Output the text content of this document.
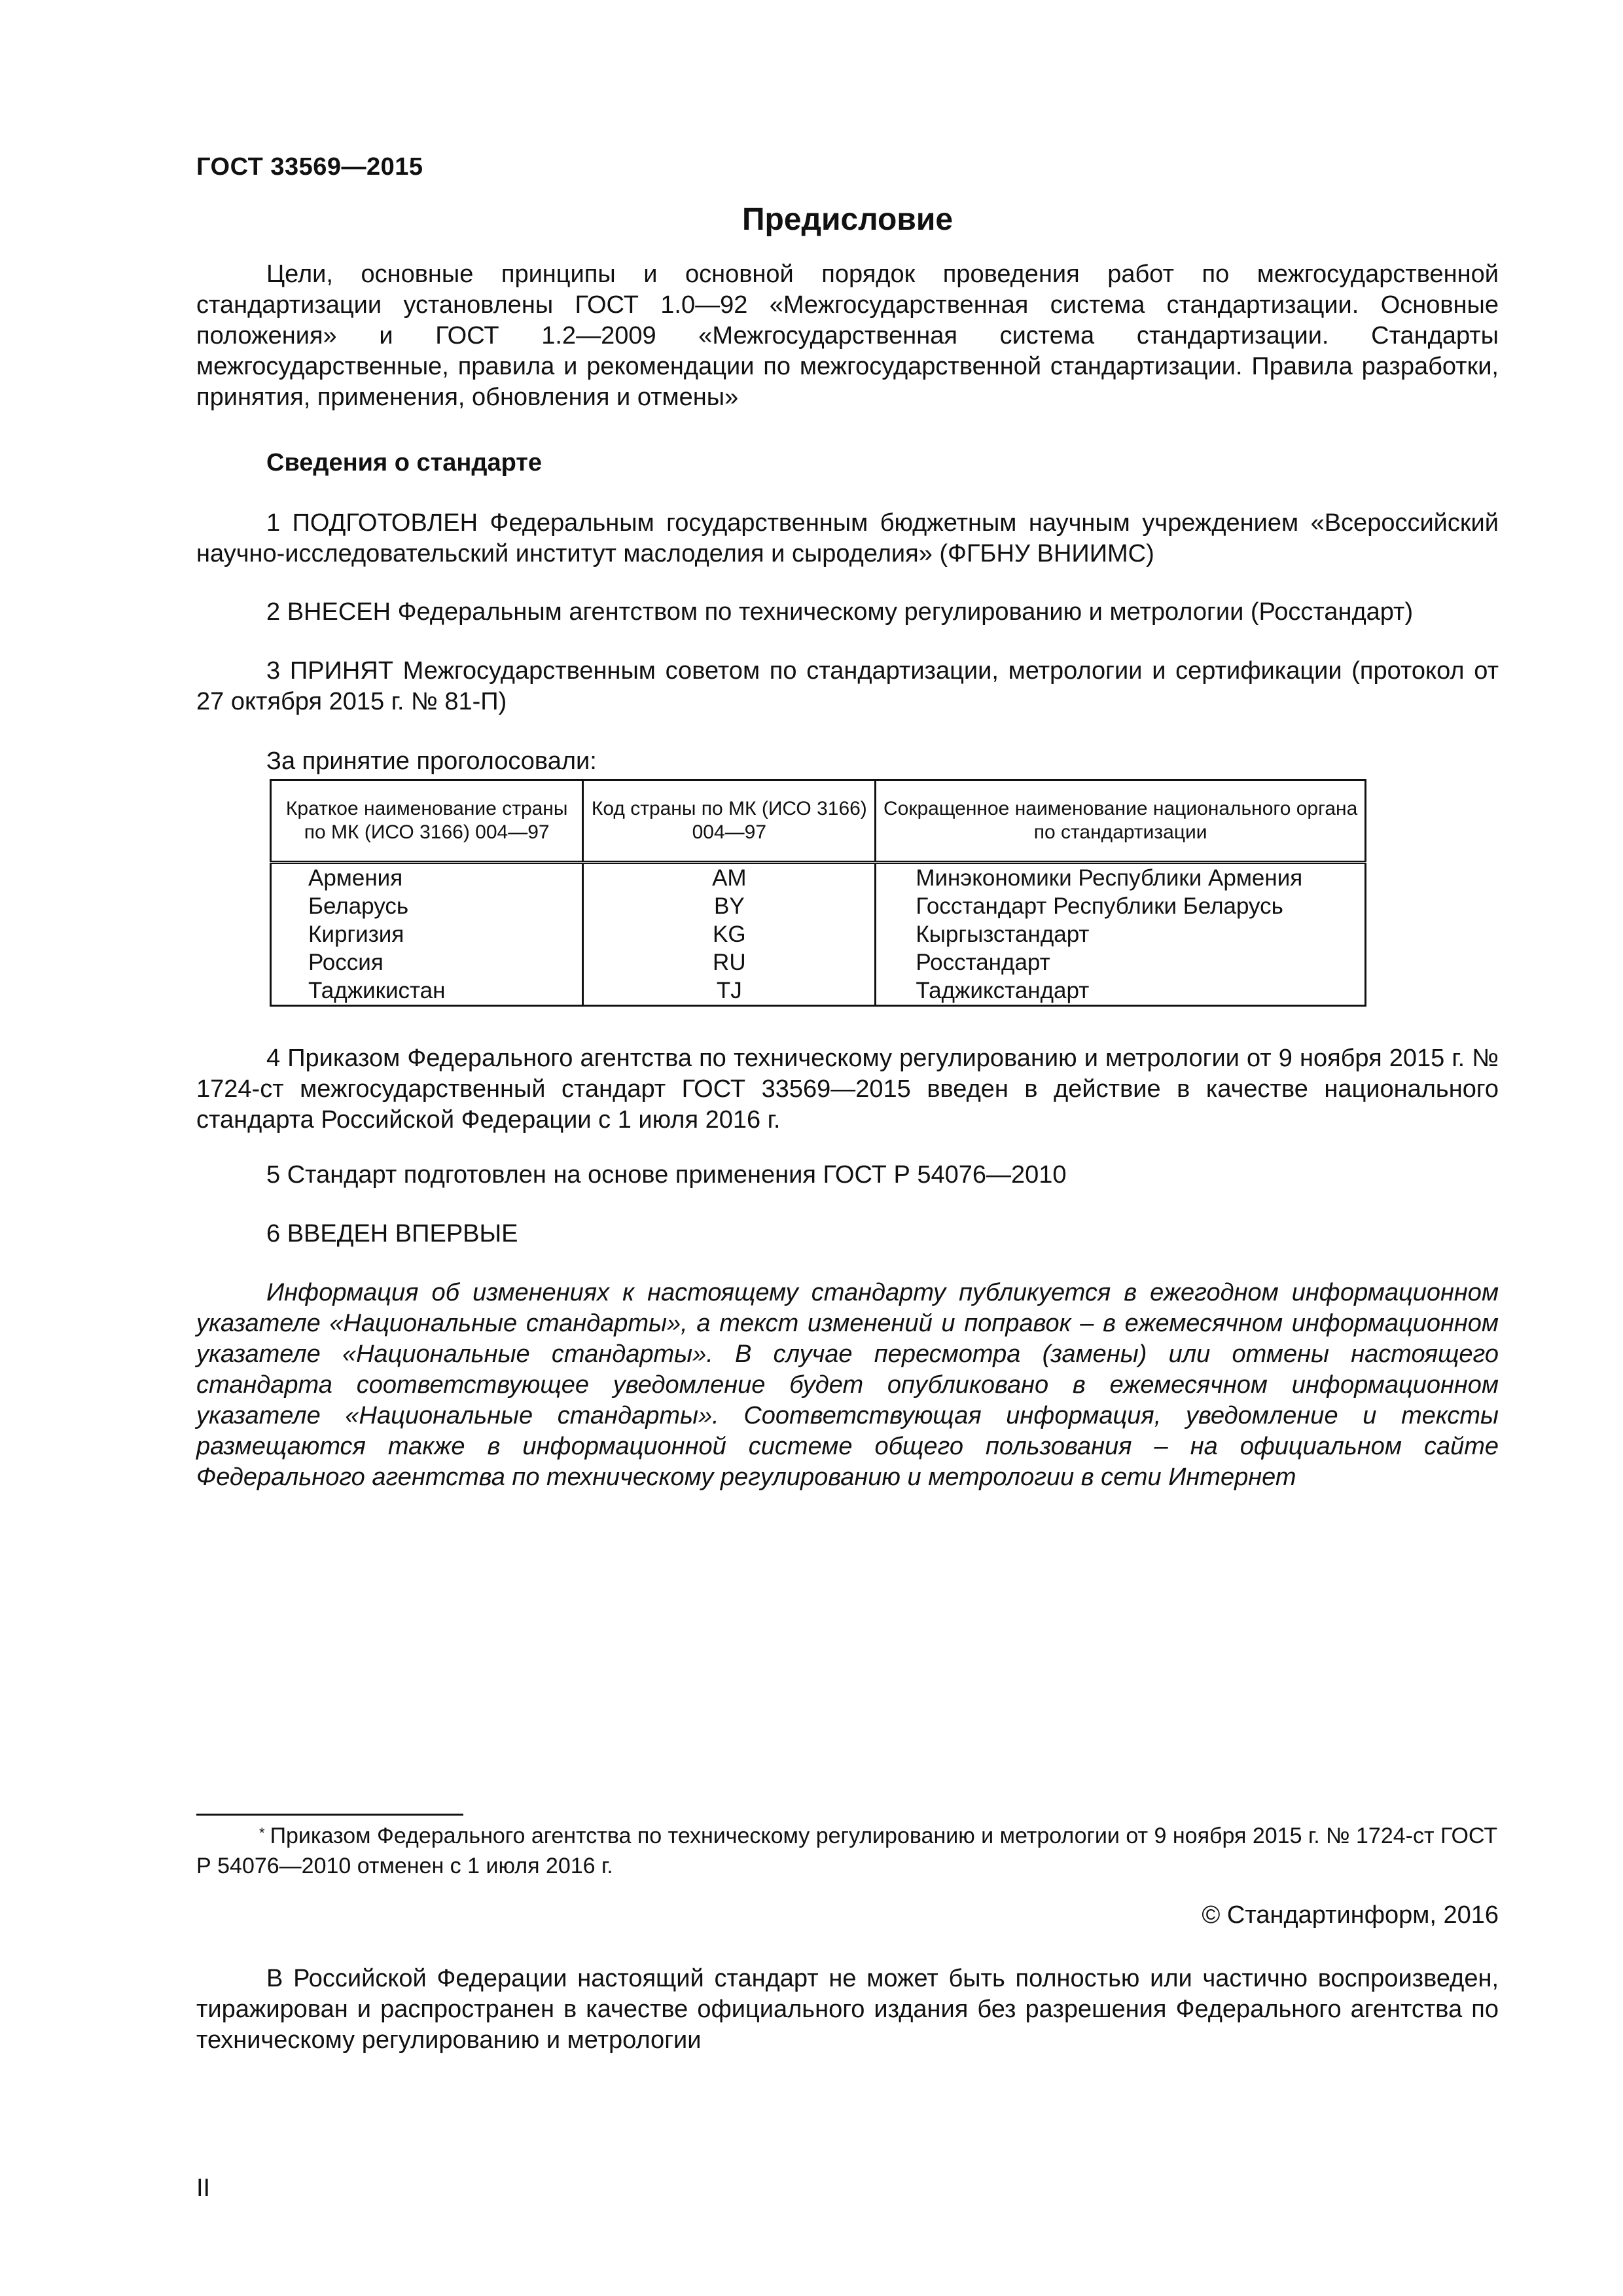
ГОСТ 33569—2015
Предисловие

Цели, основные принципы и основной порядок проведения работ по межгосударственной стандартизации установлены ГОСТ 1.0—92 «Межгосударственная система стандартизации. Основные положения» и ГОСТ 1.2—2009 «Межгосударственная система стандартизации. Стандарты межгосударственные, правила и рекомендации по межгосударственной стандартизации. Правила разработки, принятия, применения, обновления и отмены»

Сведения о стандарте

1 ПОДГОТОВЛЕН Федеральным государственным бюджетным научным учреждением «Всероссийский научно-исследовательский институт маслоделия и сыроделия» (ФГБНУ ВНИИМС)

2 ВНЕСЕН Федеральным агентством по техническому регулированию и метрологии (Росстандарт)

3 ПРИНЯТ Межгосударственным советом по стандартизации, метрологии и сертификации (протокол от 27 октября 2015 г. № 81-П)

За принятие проголосовали:
Краткое наименование страны по МК (ИСО 3166) 004—97	Код страны по МК (ИСО 3166) 004—97	Сокращенное наименование национального органа по стандартизации
Армения	AM	Минэкономики Республики Армения
Беларусь	BY	Госстандарт Республики Беларусь
Киргизия	KG	Кыргызстандарт
Россия	RU	Росстандарт
Таджикистан	TJ	Таджикстандарт

4 Приказом Федерального агентства по техническому регулированию и метрологии от 9 ноября 2015 г. № 1724-ст межгосударственный стандарт ГОСТ 33569—2015 введен в действие в качестве национального стандарта Российской Федерации с 1 июля 2016 г.

5 Стандарт подготовлен на основе применения ГОСТ Р 54076—2010

6 ВВЕДЕН ВПЕРВЫЕ

Информация об изменениях к настоящему стандарту публикуется в ежегодном информационном указателе «Национальные стандарты», а текст изменений и поправок – в ежемесячном информационном указателе «Национальные стандарты». В случае пересмотра (замены) или отмены настоящего стандарта соответствующее уведомление будет опубликовано в ежемесячном информационном указателе «Национальные стандарты». Соответствующая информация, уведомление и тексты размещаются также в информационной системе общего пользования – на официальном сайте Федерального агентства по техническому регулированию и метрологии в сети Интернет

* Приказом Федерального агентства по техническому регулированию и метрологии от 9 ноября 2015 г. № 1724-ст ГОСТ Р 54076—2010 отменен с 1 июля 2016 г.
© Стандартинформ, 2016

В Российской Федерации настоящий стандарт не может быть полностью или частично воспроизведен, тиражирован и распространен в качестве официального издания без разрешения Федерального агентства по техническому регулированию и метрологии

II
